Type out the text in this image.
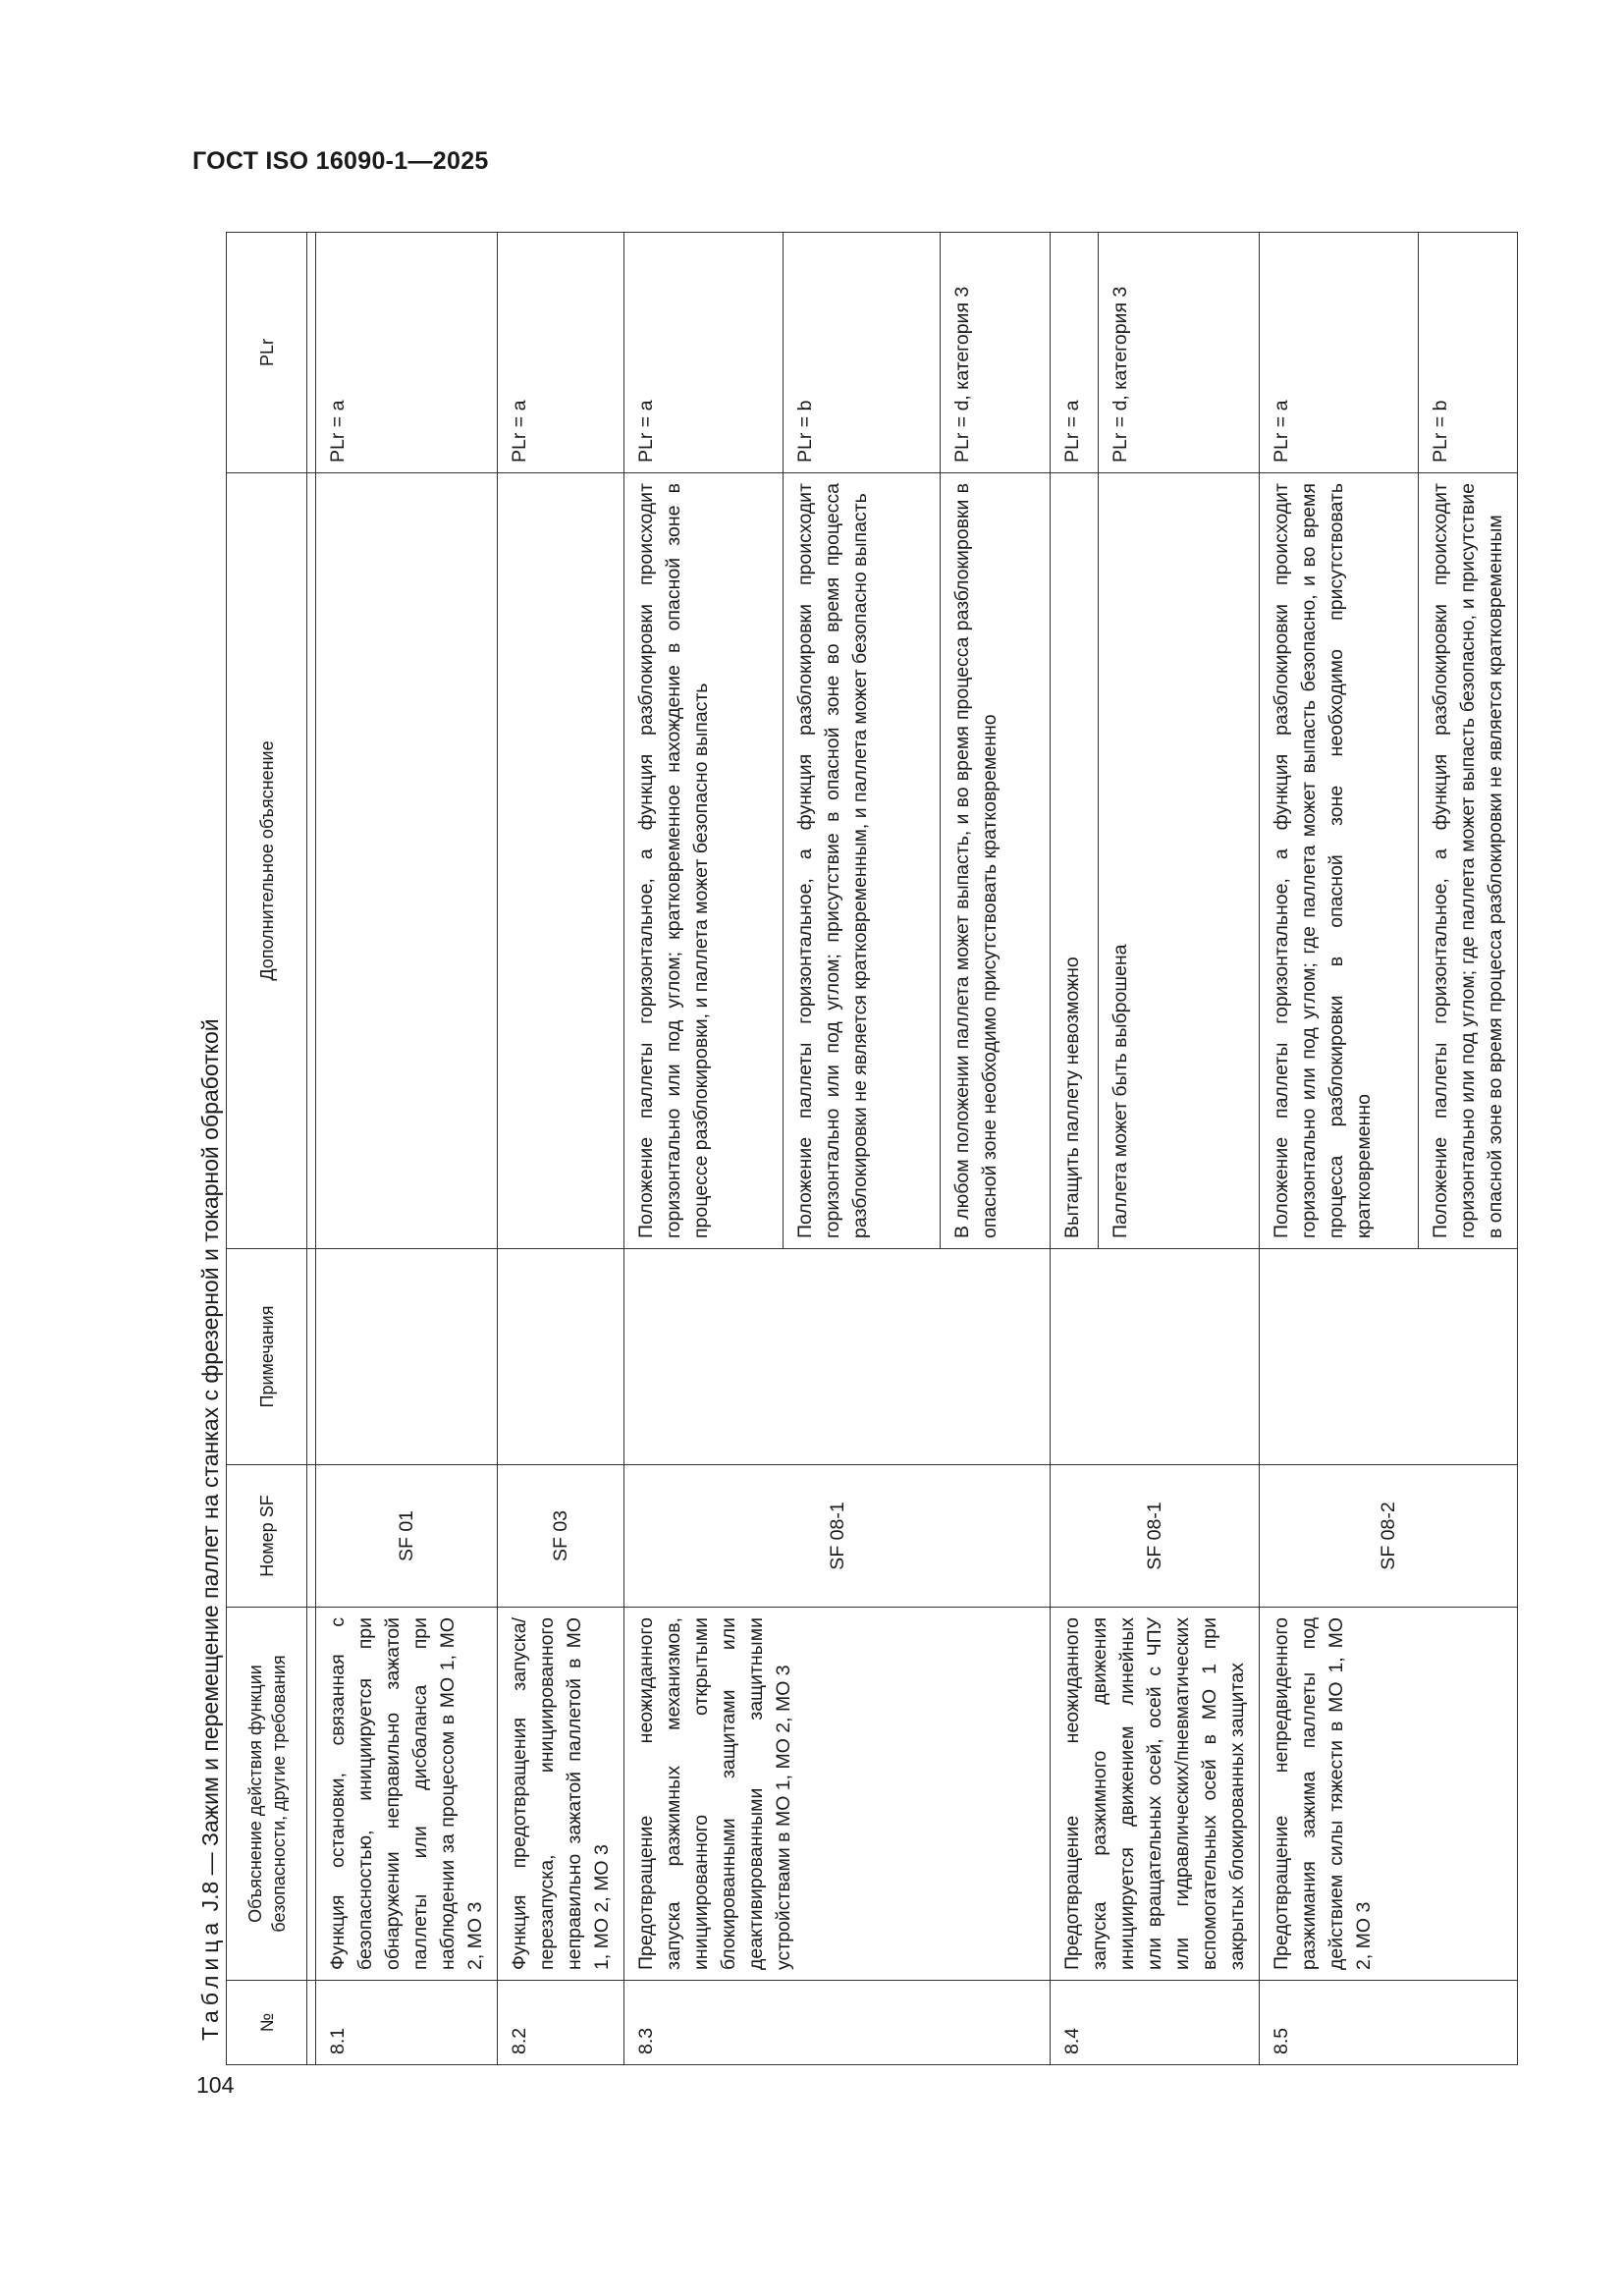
ГОСТ ISO 16090-1—2025
104
Таблица J.8 — Зажим и перемещение паллет на станках с фрезерной и токарной обработкой
№	Объяснение действия функции безопасности, другие требования	Номер SF	Примечания	Дополнительное объяснение	PLr

8.1	Функция остановки, связанная с безопасностью, инициируется при обнаружении неправильно зажатой паллеты или дисбаланса при наблюдении за процессом в MO 1, MO 2, MO 3	SF 01			PLr = a
8.2	Функция предотвращения запуска/перезапуска, инициированного неправильно зажатой паллетой в MO 1, MO 2, MO 3	SF 03			PLr = a
8.3	Предотвращение неожиданного запуска разжимных механизмов, инициированного открытыми блокированными защитами или деактивированными защитными устройствами в MO 1, MO 2, MO 3	SF 08-1		Положение паллеты горизонтальное, а функция разблокировки происходит горизонтально или под углом; кратковременное нахождение в опасной зоне в процессе разблокировки, и паллета может безопасно выпасть	PLr = a
				Положение паллеты горизонтальное, а функция разблокировки происходит горизонтально или под углом; присутствие в опасной зоне во время процесса разблокировки не является кратковременным, и паллета может безопасно выпасть	PLr = b
				В любом положении паллета может выпасть, и во время процесса разблокировки в опасной зоне необходимо присутствовать кратковременно	PLr = d, категория 3
8.4	Предотвращение неожиданного запуска разжимного движения инициируется движением линейных или вращательных осей, осей с ЧПУ или гидравлических/пневматических вспомогательных осей в MO 1 при закрытых блокированных защитах	SF 08-1		Вытащить паллету невозможно	PLr = a
				Паллета может быть выброшена	PLr = d, категория 3
8.5	Предотвращение непредвиденного разжимания зажима паллеты под действием силы тяжести в MO 1, MO 2, MO 3	SF 08-2		Положение паллеты горизонтальное, а функция разблокировки происходит горизонтально или под углом; где паллета может выпасть безопасно, и во время процесса разблокировки в опасной зоне необходимо присутствовать кратковременно	PLr = a
				Положение паллеты горизонтальное, а функция разблокировки происходит горизонтально или под углом; где паллета может выпасть безопасно, и присутствие в опасной зоне во время процесса разблокировки не является кратковременным	PLr = b
